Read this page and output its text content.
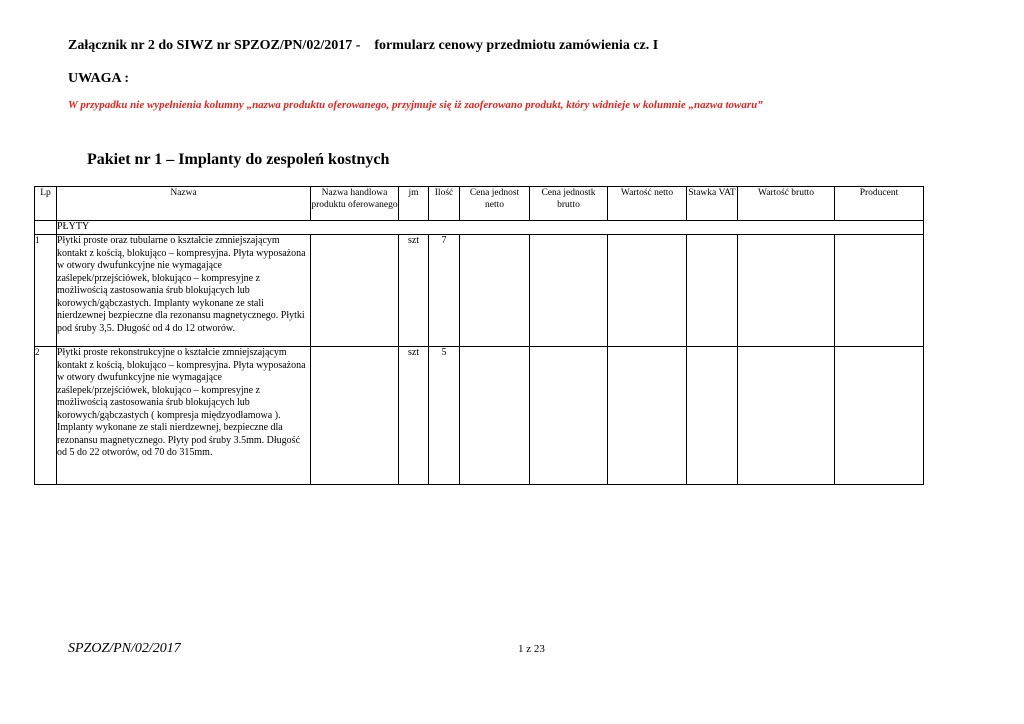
Załącznik nr 2 do SIWZ nr SPZOZ/PN/02/2017 - formularz cenowy przedmiotu zamówienia cz. I
UWAGA :
W przypadku nie wypełnienia kolumny „nazwa produktu oferowanego, przyjmuje się iż zaoferowano produkt, który widnieje w kolumnie „nazwa towaru”
Pakiet nr 1 – Implanty do zespoleń kostnych
Lp	Nazwa	Nazwa handlowa produktu oferowanego	jm	Ilość	Cena jednost netto	Cena jednostk brutto	Wartość netto	Stawka VAT	Wartość brutto	Producent
	PŁYTY									
1	Płytki proste oraz tubularne o kształcie zmniejszającym kontakt z kością, blokująco – kompresyjna. Płyta wyposażona w otwory dwufunkcyjne nie wymagające zaślepek/przejściówek, blokująco – kompresyjne z możliwością zastosowania śrub blokujących lub korowych/gąbczastych. Implanty wykonane ze stali nierdzewnej bezpieczne dla rezonansu magnetycznego. Płytki pod śruby 3,5. Długość od 4 do 12 otworów.		szt	7						
2	Płytki proste rekonstrukcyjne o kształcie zmniejszającym kontakt z kością, blokująco – kompresyjna. Płyta wyposażona w otwory dwufunkcyjne nie wymagające zaślepek/przejściówek, blokująco – kompresyjne z możliwością zastosowania śrub blokujących lub korowych/gąbczastych ( kompresja międzyodłamowa ). Implanty wykonane ze stali nierdzewnej, bezpieczne dla rezonansu magnetycznego. Płyty pod śruby 3.5mm. Długość od 5 do 22 otworów, od 70 do 315mm.		szt	5						
SPZOZ/PN/02/2017	1 z 23
